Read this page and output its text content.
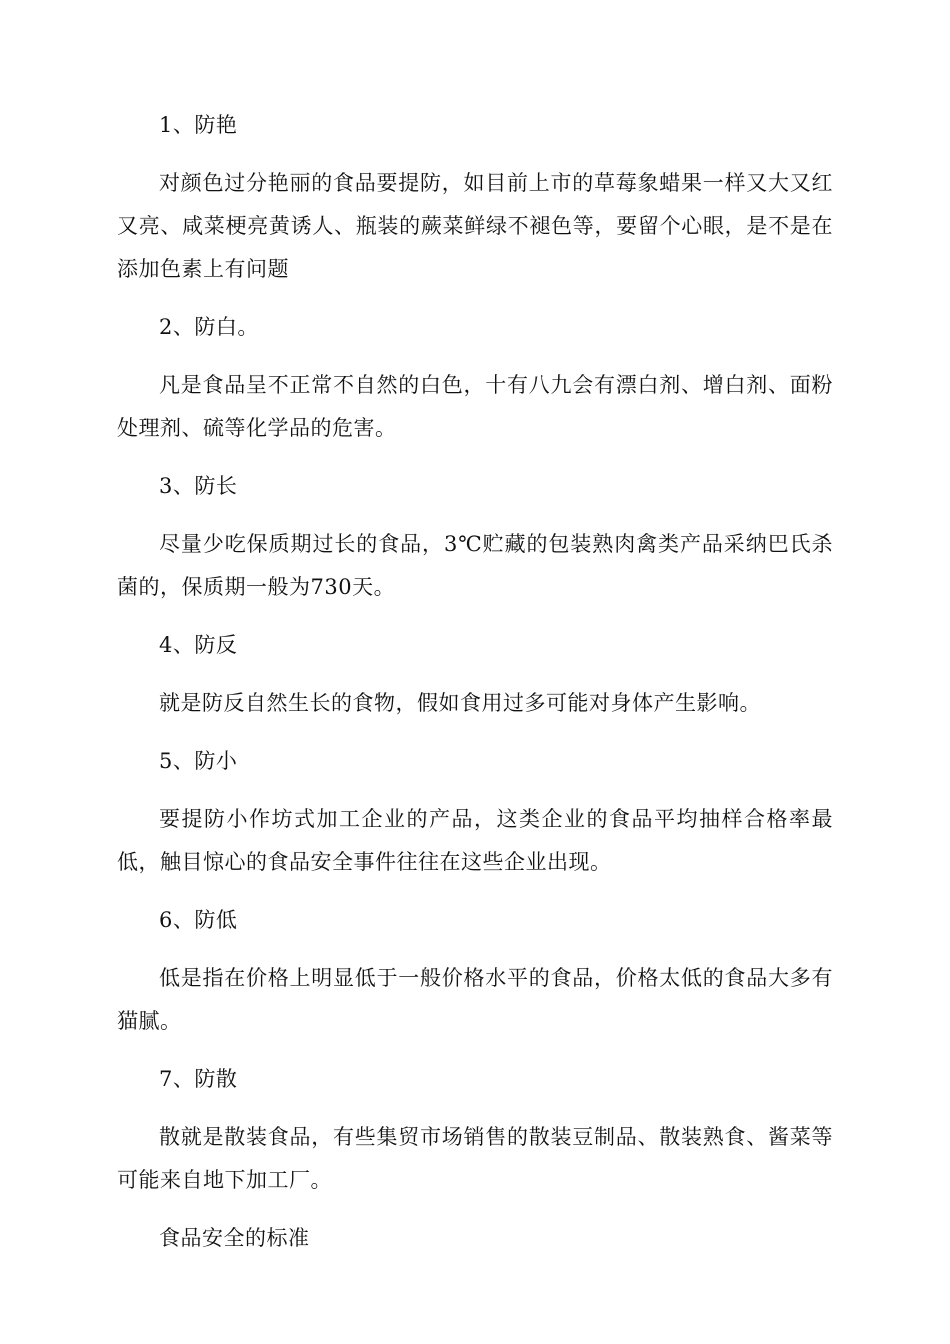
1、防艳

对颜色过分艳丽的食品要提防，如目前上市的草莓象蜡果一样又大又红又亮、咸菜梗亮黄诱人、瓶装的蕨菜鲜绿不褪色等，要留个心眼，是不是在添加色素上有问题

2、防白。

凡是食品呈不正常不自然的白色，十有八九会有漂白剂、增白剂、面粉处理剂、硫等化学品的危害。

3、防长

尽量少吃保质期过长的食品，3℃贮藏的包装熟肉禽类产品采纳巴氏杀菌的，保质期一般为730天。

4、防反

就是防反自然生长的食物，假如食用过多可能对身体产生影响。

5、防小

要提防小作坊式加工企业的产品，这类企业的食品平均抽样合格率最低，触目惊心的食品安全事件往往在这些企业出现。

6、防低

低是指在价格上明显低于一般价格水平的食品，价格太低的食品大多有猫腻。

7、防散

散就是散装食品，有些集贸市场销售的散装豆制品、散装熟食、酱菜等可能来自地下加工厂。

食品安全的标准
